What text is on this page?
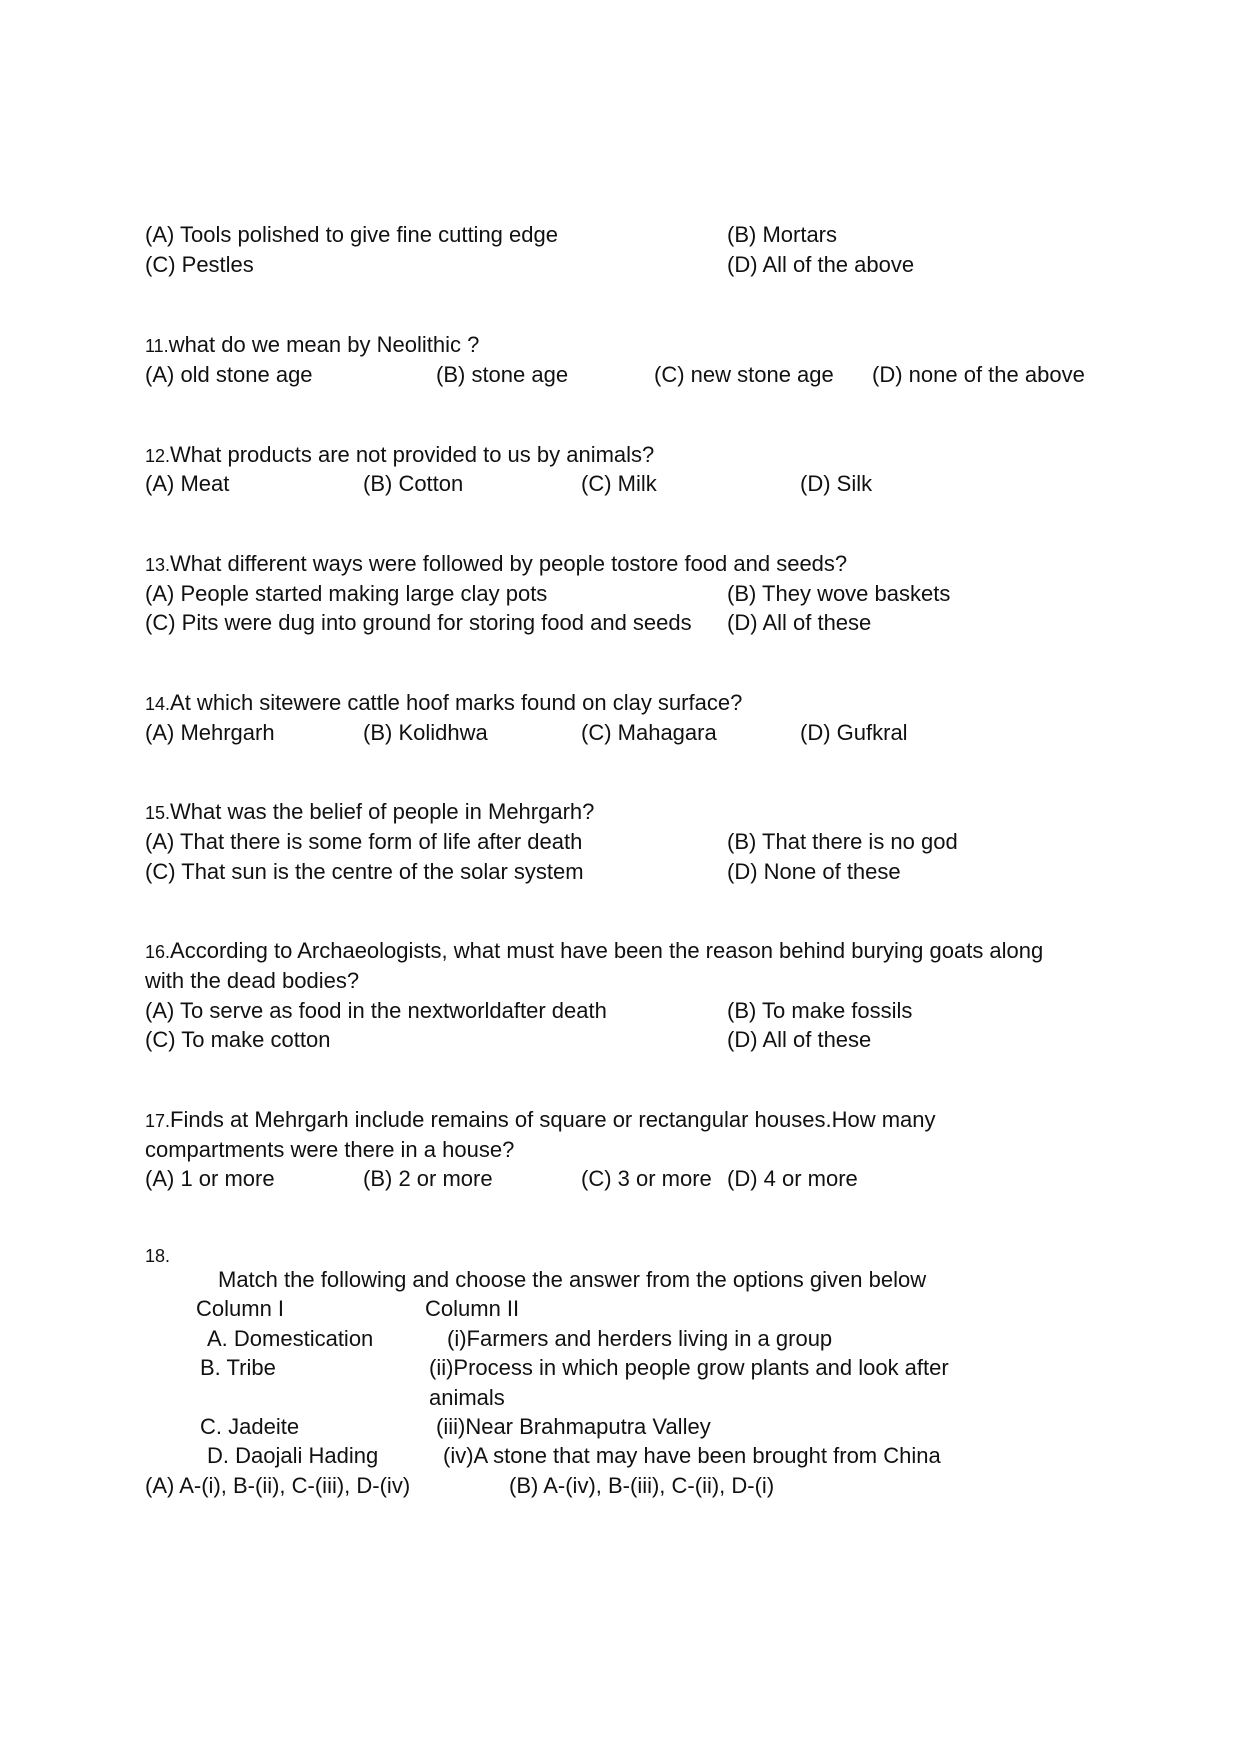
(A) Tools polished to give fine cutting edge	(B) Mortars
(C) Pestles	(D) All of the above
11.what do we mean by Neolithic ?
(A) old stone age	(B) stone age	(C) new stone age (D) none of the above
12.What products are not provided to us by animals?
(A) Meat	(B) Cotton	(C) Milk	(D) Silk
13.What different ways were followed by people tostore food and seeds?
(A) People started making large clay pots	(B) They wove baskets
(C) Pits were dug into ground for storing food and seeds (D) All of these
14.At which sitewere cattle hoof marks found on clay surface?
(A) Mehrgarh	(B) Kolidhwa	(C) Mahagara	(D) Gufkral
15.What was the belief of people in Mehrgarh?
(A) That there is some form of life after death	(B) That there is no god
(C) That sun is the centre of the solar system	(D) None of these
16.According to Archaeologists, what must have been the reason behind burying goats along
with the dead bodies?
(A) To serve as food in the nextworldafter death	(B) To make fossils
(C) To make cotton	(D) All of these
17.Finds at Mehrgarh include remains of square or rectangular houses.How many
compartments were there in a house?
(A) 1 or more	(B) 2 or more	(C) 3 or more (D) 4 or more
18.
Match the following and choose the answer from the options given below
Column I	Column II
A. Domestication	(i)Farmers and herders living in a group
B. Tribe	(ii)Process in which people grow plants and look after
animals
C. Jadeite	(iii)Near Brahmaputra Valley
D. Daojali Hading	(iv)A stone that may have been brought from China
(A) A-(i), B-(ii), C-(iii), D-(iv)	(B) A-(iv), B-(iii), C-(ii), D-(i)
